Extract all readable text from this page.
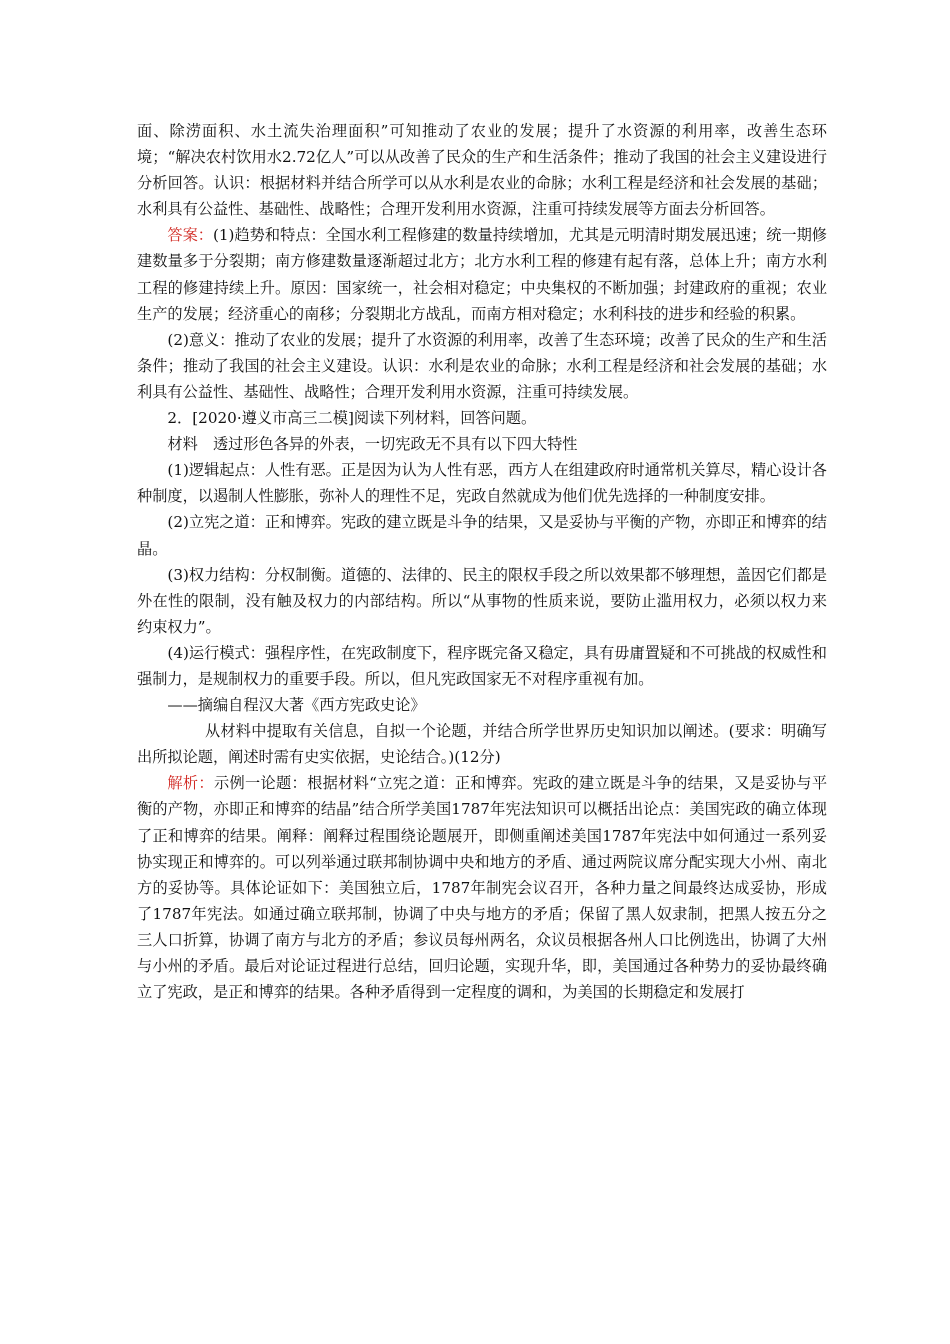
面、除涝面积、水土流失治理面积”可知推动了农业的发展；提升了水资源的利用率，改善生态环境；“解决农村饮用水2.72亿人”可以从改善了民众的生产和生活条件；推动了我国的社会主义建设进行分析回答。认识：根据材料并结合所学可以从水利是农业的命脉；水利工程是经济和社会发展的基础；水利具有公益性、基础性、战略性；合理开发利用水资源，注重可持续发展等方面去分析回答。

答案：(1)趋势和特点：全国水利工程修建的数量持续增加，尤其是元明清时期发展迅速；统一期修建数量多于分裂期；南方修建数量逐渐超过北方；北方水利工程的修建有起有落，总体上升；南方水利工程的修建持续上升。原因：国家统一，社会相对稳定；中央集权的不断加强；封建政府的重视；农业生产的发展；经济重心的南移；分裂期北方战乱，而南方相对稳定；水利科技的进步和经验的积累。

(2)意义：推动了农业的发展；提升了水资源的利用率，改善了生态环境；改善了民众的生产和生活条件；推动了我国的社会主义建设。认识：水利是农业的命脉；水利工程是经济和社会发展的基础；水利具有公益性、基础性、战略性；合理开发利用水资源，注重可持续发展。

2．[2020·遵义市高三二模]阅读下列材料，回答问题。

材料　透过形色各异的外表，一切宪政无不具有以下四大特性

(1)逻辑起点：人性有恶。正是因为认为人性有恶，西方人在组建政府时通常机关算尽，精心设计各种制度，以遏制人性膨胀，弥补人的理性不足，宪政自然就成为他们优先选择的一种制度安排。

(2)立宪之道：正和博弈。宪政的建立既是斗争的结果，又是妥协与平衡的产物，亦即正和博弈的结晶。

(3)权力结构：分权制衡。道德的、法律的、民主的限权手段之所以效果都不够理想，盖因它们都是外在性的限制，没有触及权力的内部结构。所以“从事物的性质来说，要防止滥用权力，必须以权力来约束权力”。

(4)运行模式：强程序性，在宪政制度下，程序既完备又稳定，具有毋庸置疑和不可挑战的权威性和强制力，是规制权力的重要手段。所以，但凡宪政国家无不对程序重视有加。

——摘编自程汉大著《西方宪政史论》

从材料中提取有关信息，自拟一个论题，并结合所学世界历史知识加以阐述。(要求：明确写出所拟论题，阐述时需有史实依据，史论结合。)(12分)

解析：示例一论题：根据材料“立宪之道：正和博弈。宪政的建立既是斗争的结果，又是妥协与平衡的产物，亦即正和博弈的结晶”结合所学美国1787年宪法知识可以概括出论点：美国宪政的确立体现了正和博弈的结果。阐释：阐释过程围绕论题展开，即侧重阐述美国1787年宪法中如何通过一系列妥协实现正和博弈的。可以列举通过联邦制协调中央和地方的矛盾、通过两院议席分配实现大小州、南北方的妥协等。具体论证如下：美国独立后，1787年制宪会议召开，各种力量之间最终达成妥协，形成了1787年宪法。如通过确立联邦制，协调了中央与地方的矛盾；保留了黑人奴隶制，把黑人按五分之三人口折算，协调了南方与北方的矛盾；参议员每州两名，众议员根据各州人口比例选出，协调了大州与小州的矛盾。最后对论证过程进行总结，回归论题，实现升华，即，美国通过各种势力的妥协最终确立了宪政，是正和博弈的结果。各种矛盾得到一定程度的调和，为美国的长期稳定和发展打
